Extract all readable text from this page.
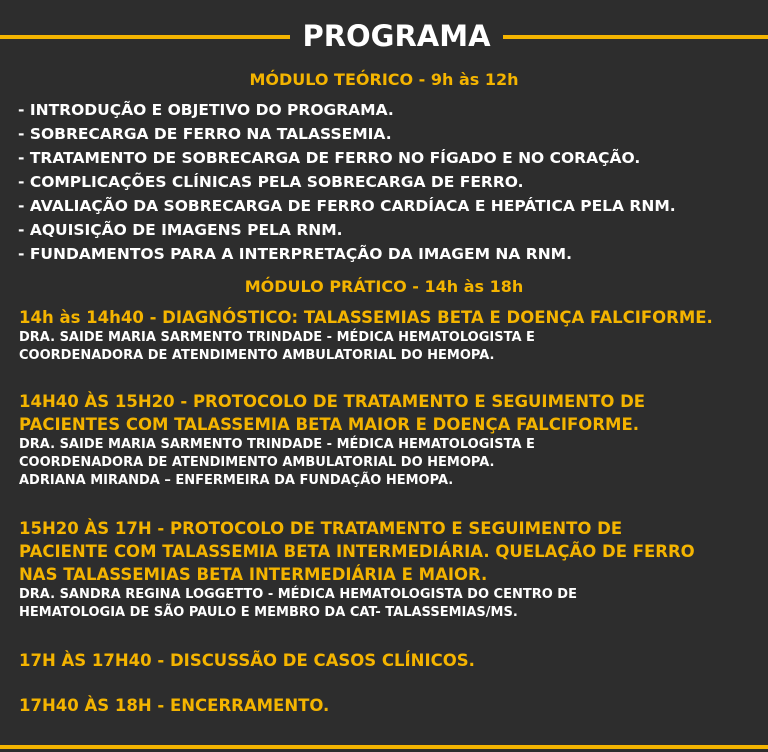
PROGRAMA
MÓDULO TEÓRICO - 9h às 12h
- INTRODUÇÃO E OBJETIVO DO PROGRAMA.
- SOBRECARGA DE FERRO NA TALASSEMIA.
- TRATAMENTO DE SOBRECARGA DE FERRO NO FÍGADO E NO CORAÇÃO.
- COMPLICAÇÕES CLÍNICAS PELA SOBRECARGA DE FERRO.
- AVALIAÇÃO DA SOBRECARGA DE FERRO CARDÍACA E HEPÁTICA PELA RNM.
- AQUISIÇÃO DE IMAGENS PELA RNM.
- FUNDAMENTOS PARA A INTERPRETAÇÃO DA IMAGEM NA RNM.
MÓDULO PRÁTICO - 14h às 18h
14h às 14h40 - DIAGNÓSTICO: TALASSEMIAS BETA E DOENÇA FALCIFORME.
DRA. SAIDE MARIA SARMENTO TRINDADE - MÉDICA HEMATOLOGISTA E
COORDENADORA DE ATENDIMENTO AMBULATORIAL DO HEMOPA.
14H40 ÀS 15H20 - PROTOCOLO DE TRATAMENTO E SEGUIMENTO DE
PACIENTES COM TALASSEMIA BETA MAIOR E DOENÇA FALCIFORME.
DRA. SAIDE MARIA SARMENTO TRINDADE - MÉDICA HEMATOLOGISTA E
COORDENADORA DE ATENDIMENTO AMBULATORIAL DO HEMOPA.
ADRIANA MIRANDA – ENFERMEIRA DA FUNDAÇÃO HEMOPA.
15H20 ÀS 17H - PROTOCOLO DE TRATAMENTO E SEGUIMENTO DE
PACIENTE COM TALASSEMIA BETA INTERMEDIÁRIA. QUELAÇÃO DE FERRO
NAS TALASSEMIAS BETA INTERMEDIÁRIA E MAIOR.
DRA. SANDRA REGINA LOGGETTO - MÉDICA HEMATOLOGISTA DO CENTRO DE
HEMATOLOGIA DE SÃO PAULO E MEMBRO DA CAT- TALASSEMIAS/MS.
17H ÀS 17H40 - DISCUSSÃO DE CASOS CLÍNICOS.
17H40 ÀS 18H - ENCERRAMENTO.
